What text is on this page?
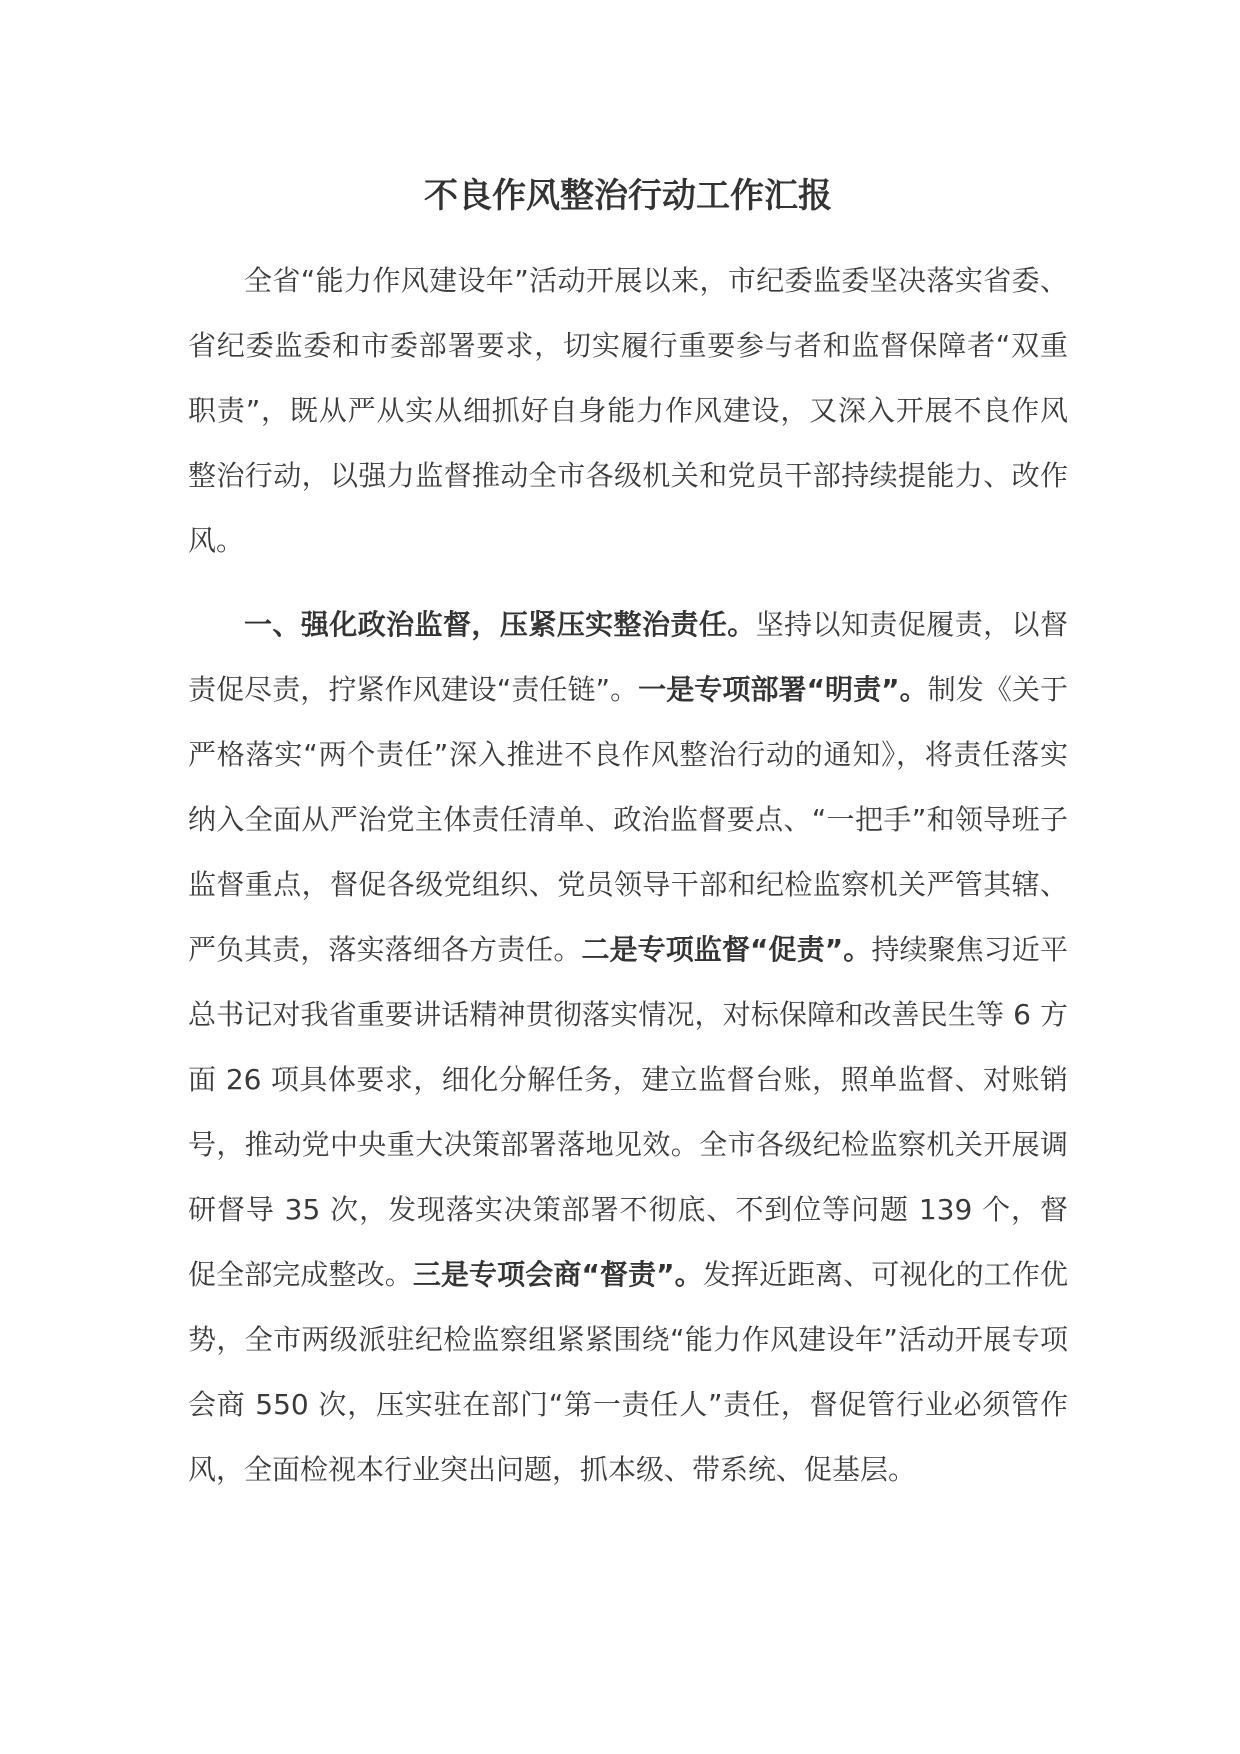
不良作风整治行动工作汇报

全省“能力作风建设年”活动开展以来，市纪委监委坚决落实省委、省纪委监委和市委部署要求，切实履行重要参与者和监督保障者“双重职责”，既从严从实从细抓好自身能力作风建设，又深入开展不良作风整治行动，以强力监督推动全市各级机关和党员干部持续提能力、改作风。

一、强化政治监督，压紧压实整治责任。坚持以知责促履责，以督责促尽责，拧紧作风建设“责任链”。一是专项部署“明责”。制发《关于严格落实“两个责任”深入推进不良作风整治行动的通知》，将责任落实纳入全面从严治党主体责任清单、政治监督要点、“一把手”和领导班子监督重点，督促各级党组织、党员领导干部和纪检监察机关严管其辖、严负其责，落实落细各方责任。二是专项监督“促责”。持续聚焦习近平总书记对我省重要讲话精神贯彻落实情况，对标保障和改善民生等 6 方面 26 项具体要求，细化分解任务，建立监督台账，照单监督、对账销号，推动党中央重大决策部署落地见效。全市各级纪检监察机关开展调研督导 35 次，发现落实决策部署不彻底、不到位等问题 139 个，督促全部完成整改。三是专项会商“督责”。发挥近距离、可视化的工作优势，全市两级派驻纪检监察组紧紧围绕“能力作风建设年”活动开展专项会商 550 次，压实驻在部门“第一责任人”责任，督促管行业必须管作风，全面检视本行业突出问题，抓本级、带系统、促基层。
